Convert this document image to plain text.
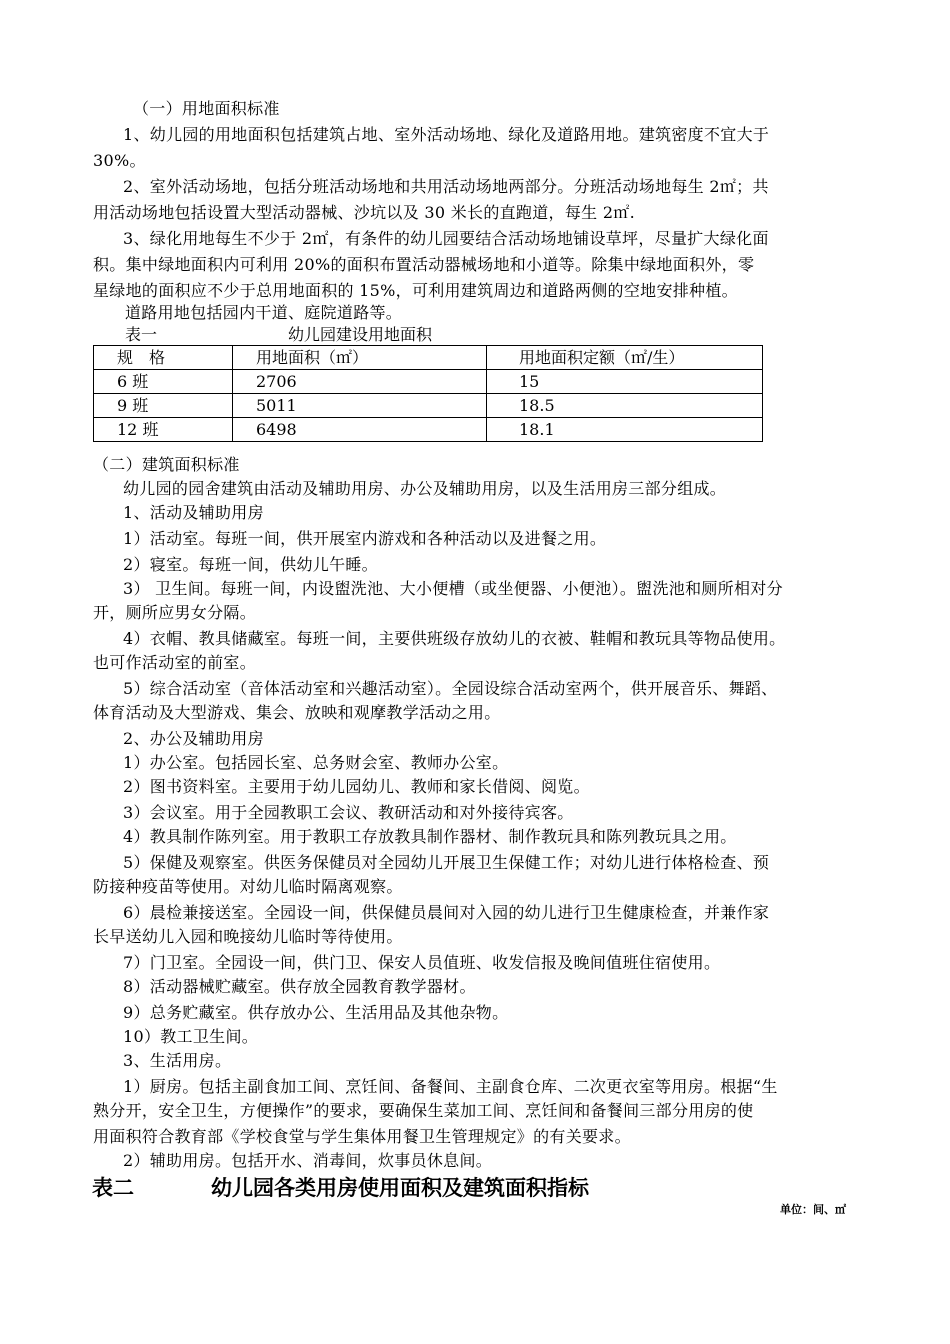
（一）用地面积标准
1、幼儿园的用地面积包括建筑占地、室外活动场地、绿化及道路用地。建筑密度不宜大于
30%。
2、室外活动场地，包括分班活动场地和共用活动场地两部分。分班活动场地每生 2㎡；共
用活动场地包括设置大型活动器械、沙坑以及 30 米长的直跑道，每生 2㎡.
3、绿化用地每生不少于 2㎡，有条件的幼儿园要结合活动场地铺设草坪，尽量扩大绿化面
积。集中绿地面积内可利用 20%的面积布置活动器械场地和小道等。除集中绿地面积外，零
星绿地的面积应不少于总用地面积的 15%，可利用建筑周边和道路两侧的空地安排种植。
道路用地包括园内干道、庭院道路等。
表一	幼儿园建设用地面积
规　格	用地面积（㎡）	用地面积定额（㎡/生）
6 班	2706	15
9 班	5011	18.5
12 班	6498	18.1
（二）建筑面积标准
幼儿园的园舍建筑由活动及辅助用房、办公及辅助用房，以及生活用房三部分组成。
1、活动及辅助用房
1）活动室。每班一间，供开展室内游戏和各种活动以及进餐之用。
2）寝室。每班一间，供幼儿午睡。
3） 卫生间。每班一间，内设盥洗池、大小便槽（或坐便器、小便池）。盥洗池和厕所相对分
开，厕所应男女分隔。
4）衣帽、教具储藏室。每班一间，主要供班级存放幼儿的衣被、鞋帽和教玩具等物品使用。
也可作活动室的前室。
5）综合活动室（音体活动室和兴趣活动室）。全园设综合活动室两个，供开展音乐、舞蹈、
体育活动及大型游戏、集会、放映和观摩教学活动之用。
2、办公及辅助用房
1）办公室。包括园长室、总务财会室、教师办公室。
2）图书资料室。主要用于幼儿园幼儿、教师和家长借阅、阅览。
3）会议室。用于全园教职工会议、教研活动和对外接待宾客。
4）教具制作陈列室。用于教职工存放教具制作器材、制作教玩具和陈列教玩具之用。
5）保健及观察室。供医务保健员对全园幼儿开展卫生保健工作；对幼儿进行体格检查、预
防接种疫苗等使用。对幼儿临时隔离观察。
6）晨检兼接送室。全园设一间，供保健员晨间对入园的幼儿进行卫生健康检查，并兼作家
长早送幼儿入园和晚接幼儿临时等待使用。
7）门卫室。全园设一间，供门卫、保安人员值班、收发信报及晚间值班住宿使用。
8）活动器械贮藏室。供存放全园教育教学器材。
9）总务贮藏室。供存放办公、生活用品及其他杂物。
10）教工卫生间。
3、生活用房。
1）厨房。包括主副食加工间、烹饪间、备餐间、主副食仓库、二次更衣室等用房。根据“生
熟分开，安全卫生，方便操作”的要求，要确保生菜加工间、烹饪间和备餐间三部分用房的使
用面积符合教育部《学校食堂与学生集体用餐卫生管理规定》的有关要求。
2）辅助用房。包括开水、消毒间，炊事员休息间。
表二	幼儿园各类用房使用面积及建筑面积指标
单位：间、㎡
